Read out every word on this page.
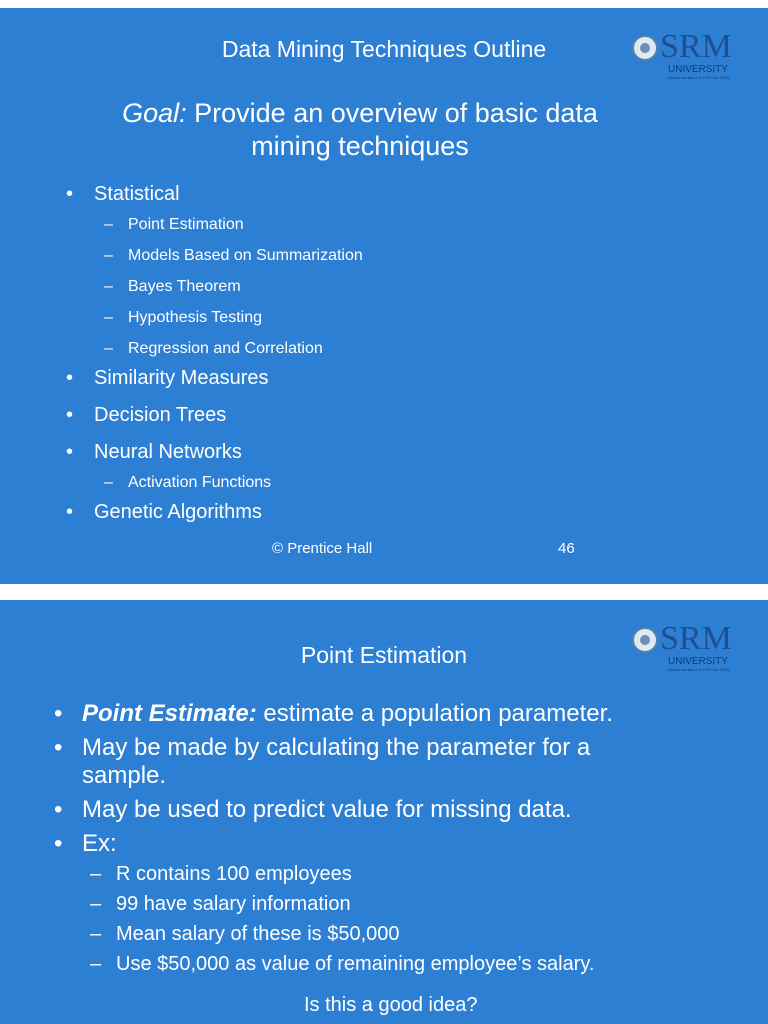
Data Mining Techniques Outline	SRM
UNIVERSITY
(Under section 3 of UGC Act 1956)
Goal: Provide an overview of basic data
mining techniques
• Statistical
– Point Estimation
– Models Based on Summarization
– Bayes Theorem
– Hypothesis Testing
– Regression and Correlation
• Similarity Measures
• Decision Trees
• Neural Networks
– Activation Functions
• Genetic Algorithms
© Prentice Hall	46
Point Estimation	SRM
UNIVERSITY
(Under section 3 of UGC Act 1956)
• Point Estimate: estimate a population parameter.
• May be made by calculating the parameter for a
sample.
• May be used to predict value for missing data.
• Ex:
– R contains 100 employees
– 99 have salary information
– Mean salary of these is $50,000
– Use $50,000 as value of remaining employee’s salary.
Is this a good idea?
